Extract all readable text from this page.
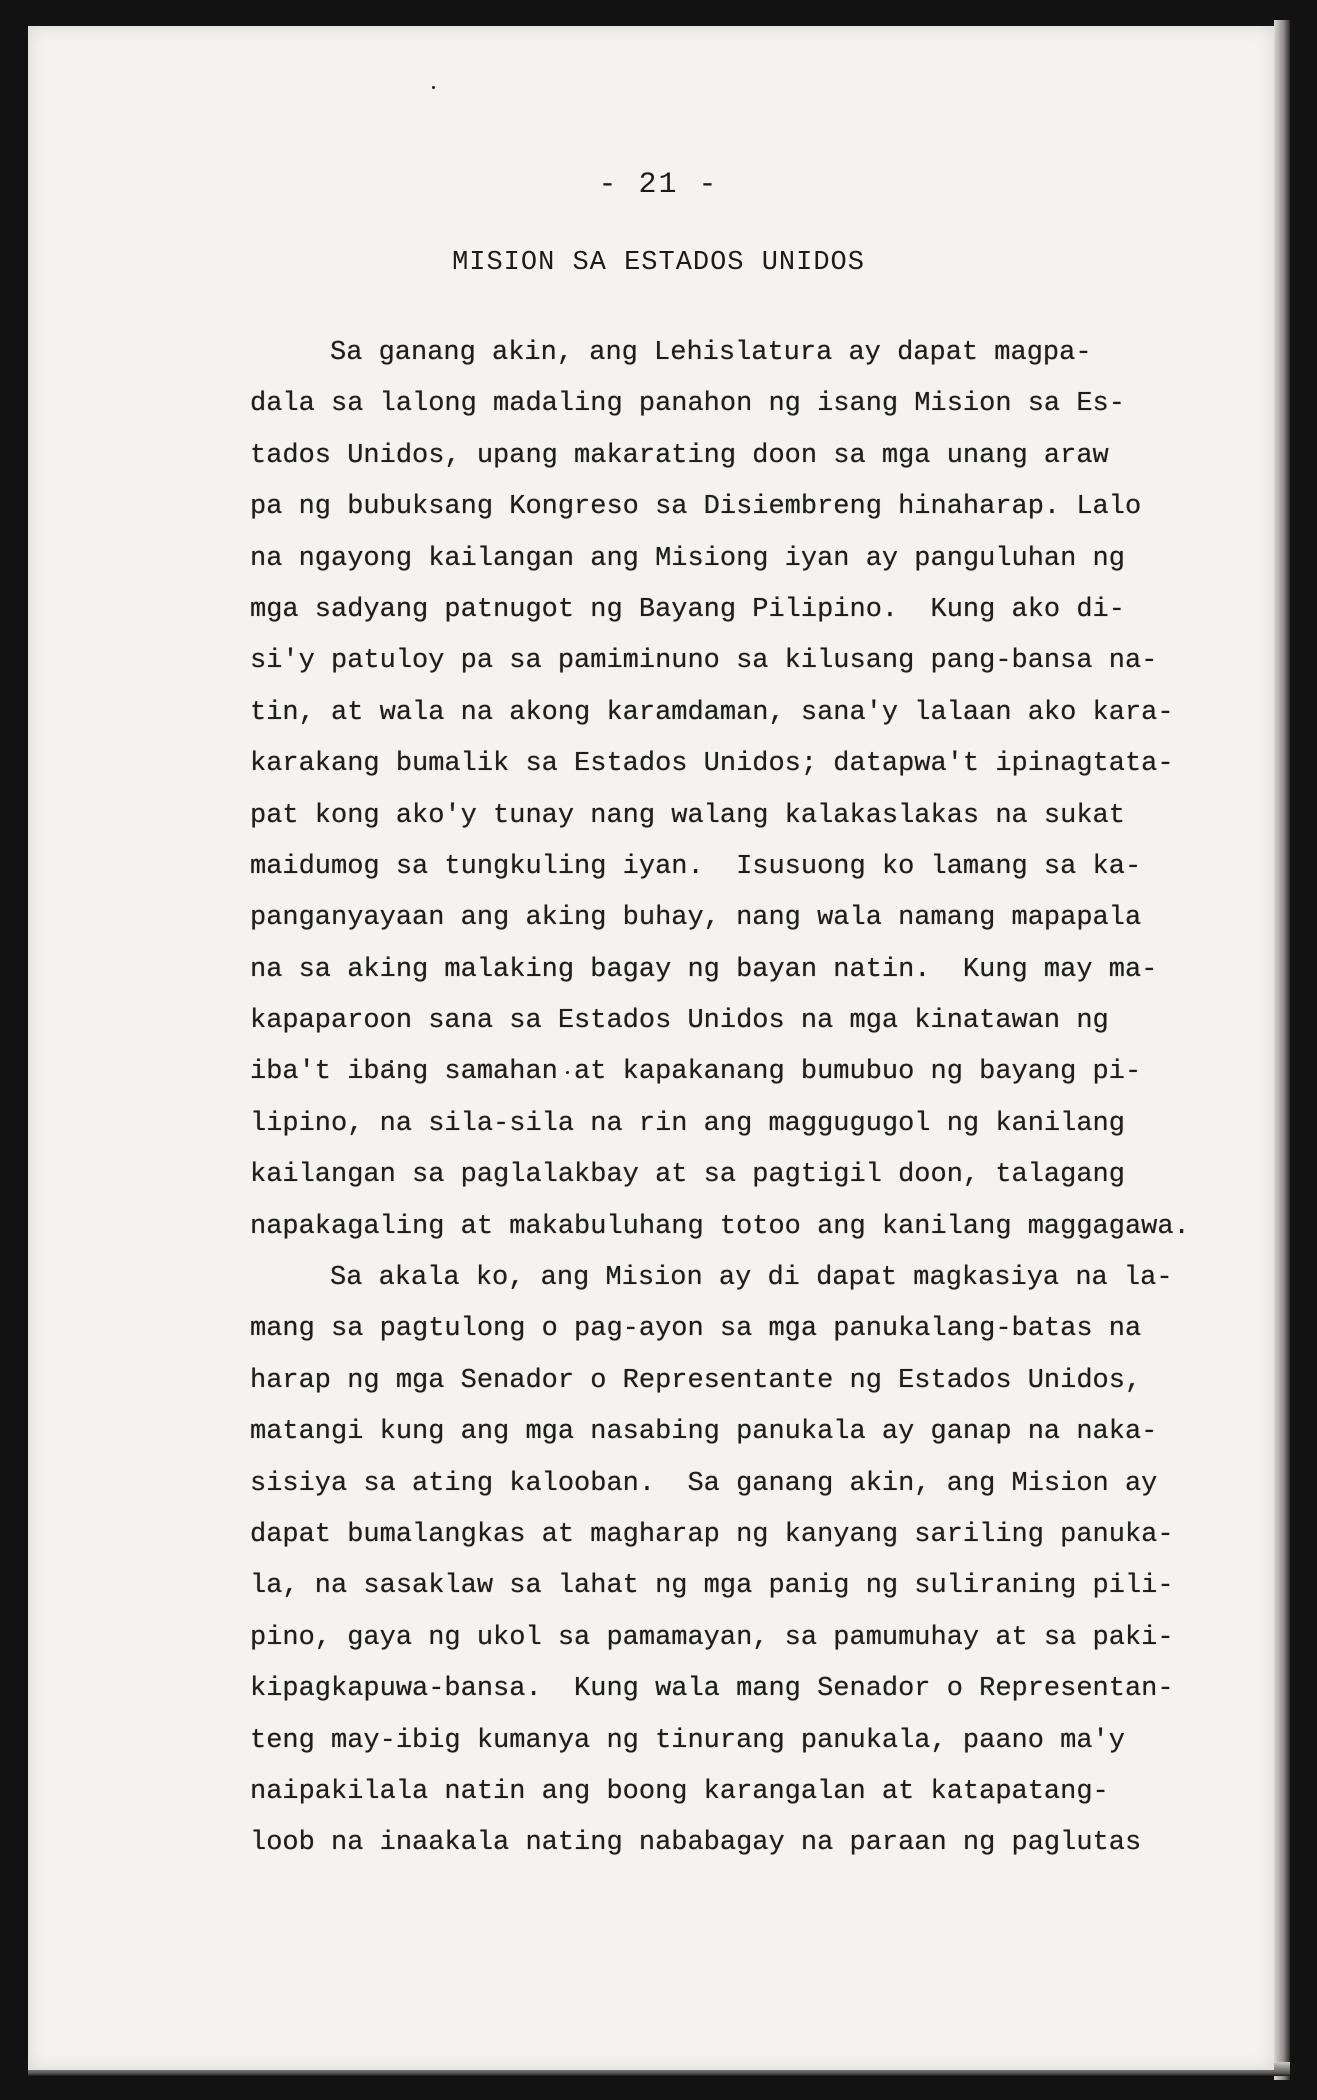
- 21 -
MISION SA ESTADOS UNIDOS
Sa ganang akin, ang Lehislatura ay dapat magpa-
dala sa lalong madaling panahon ng isang Mision sa Es-
tados Unidos, upang makarating doon sa mga unang araw
pa ng bubuksang Kongreso sa Disiembreng hinaharap. Lalo
na ngayong kailangan ang Misiong iyan ay panguluhan ng
mga sadyang patnugot ng Bayang Pilipino.  Kung ako di-
si'y patuloy pa sa pamiminuno sa kilusang pang-bansa na-
tin, at wala na akong karamdaman, sana'y lalaan ako kara-
karakang bumalik sa Estados Unidos; datapwa't ipinagtata-
pat kong ako'y tunay nang walang kalakaslakas na sukat
maidumog sa tungkuling iyan.  Isusuong ko lamang sa ka-
panganyayaan ang aking buhay, nang wala namang mapapala
na sa aking malaking bagay ng bayan natin.  Kung may ma-
kapaparoon sana sa Estados Unidos na mga kinatawan ng
iba't ibang samahan at kapakanang bumubuo ng bayang pi-
lipino, na sila-sila na rin ang maggugugol ng kanilang
kailangan sa paglalakbay at sa pagtigil doon, talagang
napakagaling at makabuluhang totoo ang kanilang maggagawa.
Sa akala ko, ang Mision ay di dapat magkasiya na la-
mang sa pagtulong o pag-ayon sa mga panukalang-batas na
harap ng mga Senador o Representante ng Estados Unidos,
matangi kung ang mga nasabing panukala ay ganap na naka-
sisiya sa ating kalooban.  Sa ganang akin, ang Mision ay
dapat bumalangkas at magharap ng kanyang sariling panuka-
la, na sasaklaw sa lahat ng mga panig ng suliraning pili-
pino, gaya ng ukol sa pamamayan, sa pamumuhay at sa paki-
kipagkapuwa-bansa.  Kung wala mang Senador o Representan-
teng may-ibig kumanya ng tinurang panukala, paano ma'y
naipakilala natin ang boong karangalan at katapatang-
loob na inaakala nating nababagay na paraan ng paglutas
